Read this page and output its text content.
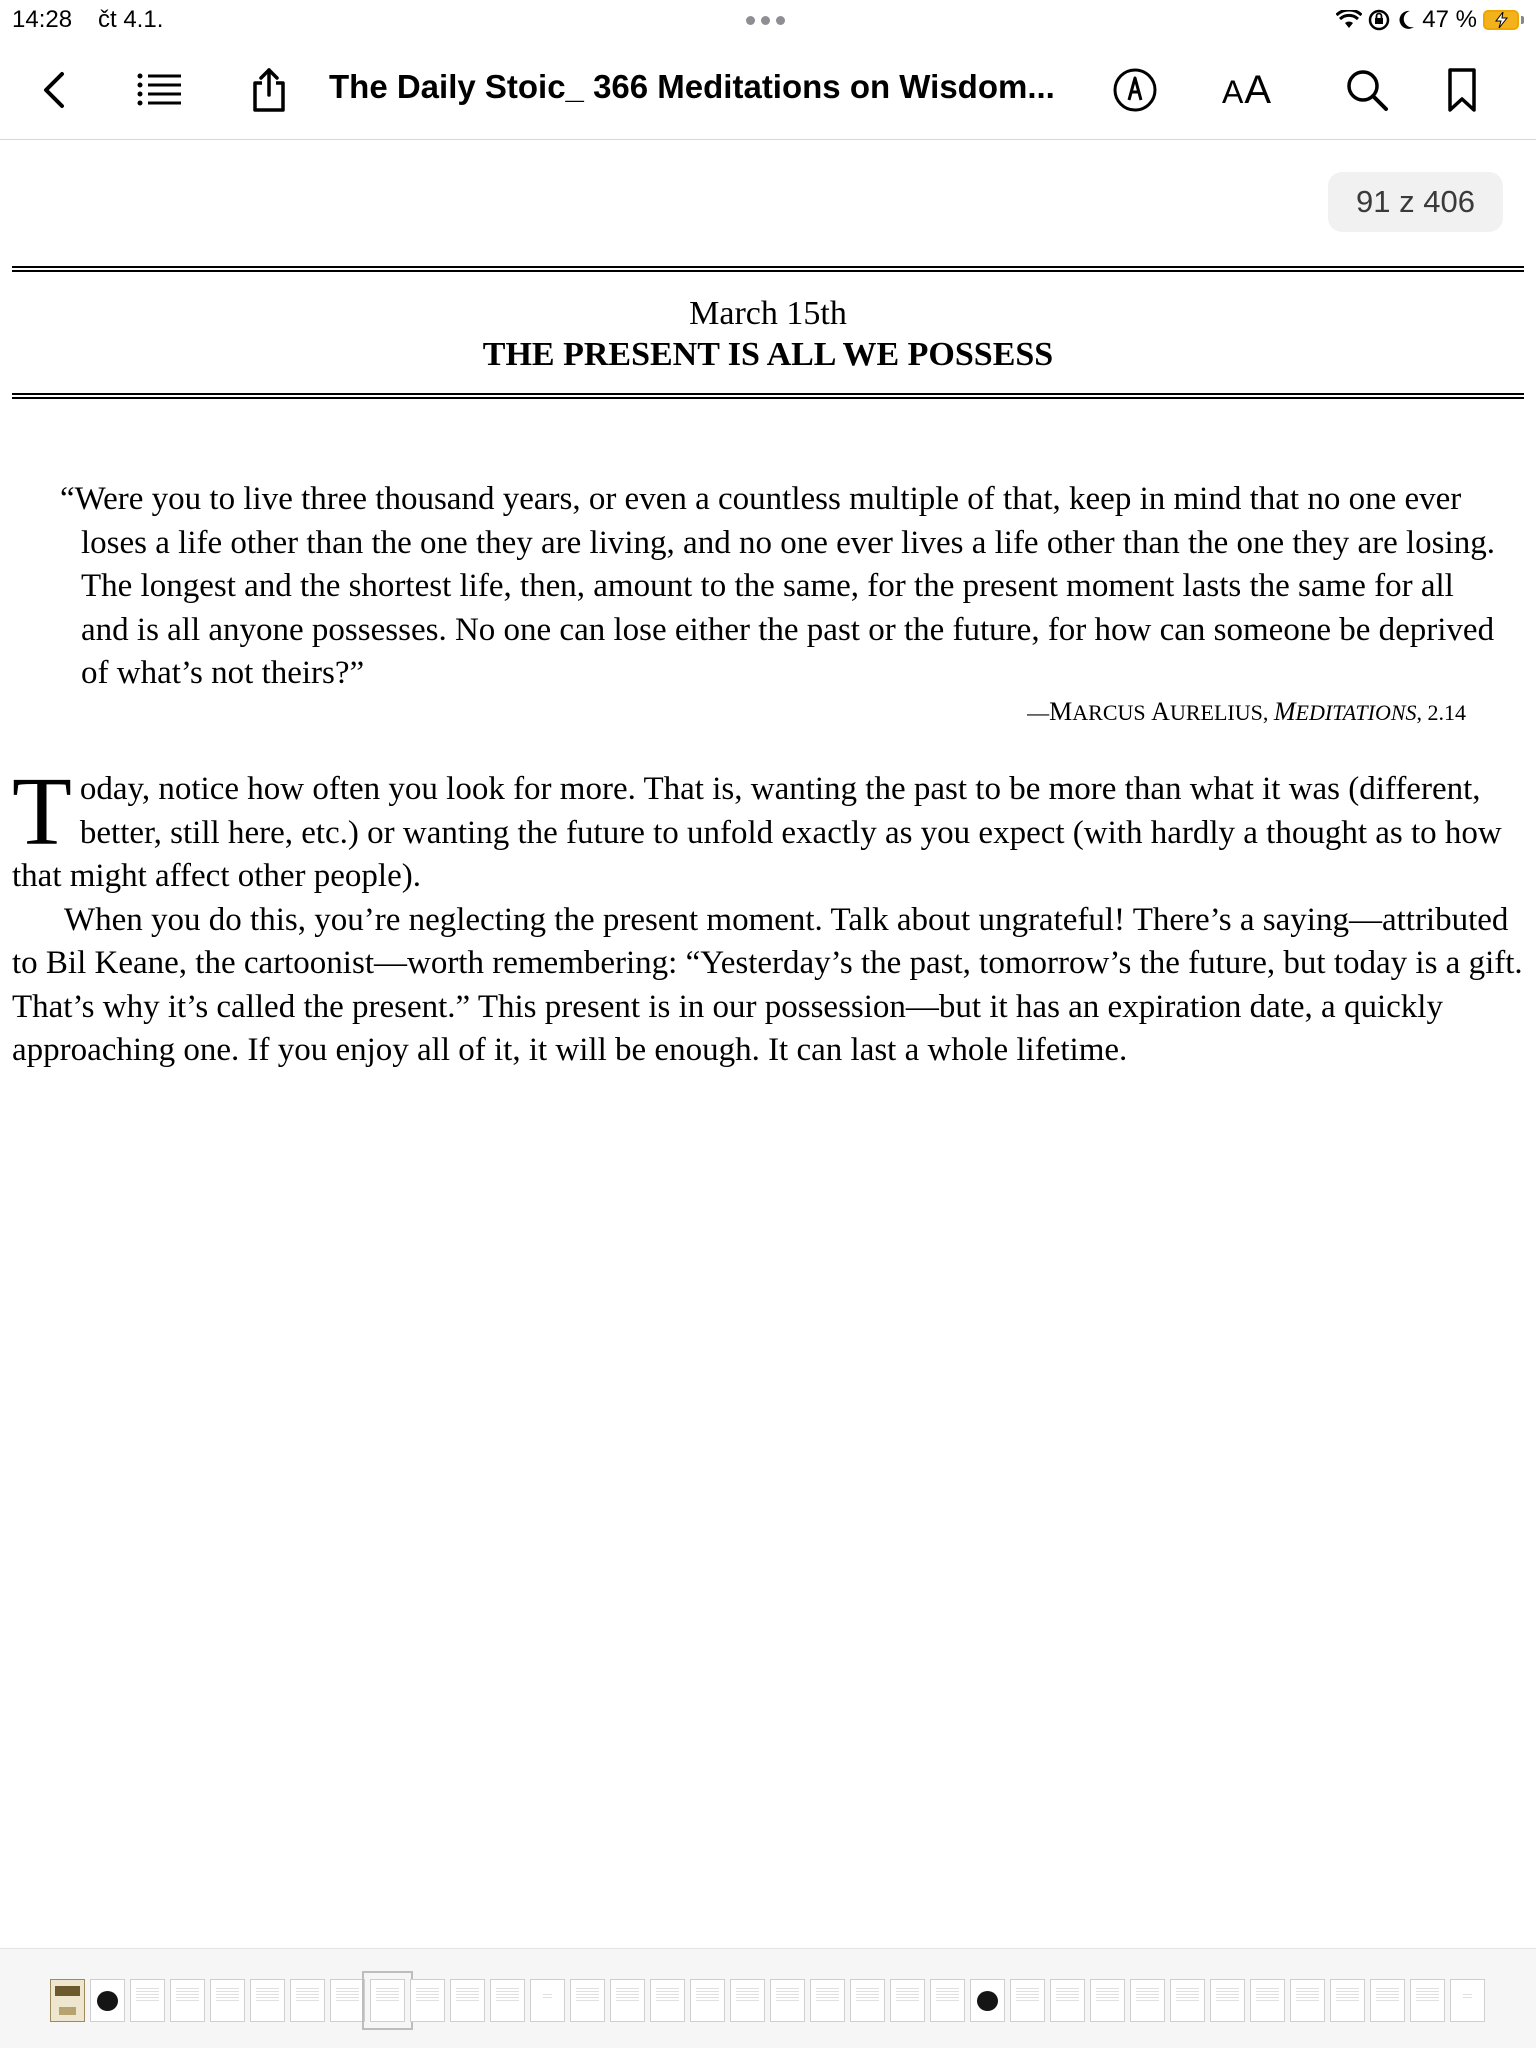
14:28 čt 4.1.	47 %
The Daily Stoic_ 366 Meditations on Wisdom...	AA
91 z 406
March 15th
THE PRESENT IS ALL WE POSSESS
“Were you to live three thousand years, or even a countless multiple of that, keep in mind that no one ever loses a life other than the one they are living, and no one ever lives a life other than the one they are losing. The longest and the shortest life, then, amount to the same, for the present moment lasts the same for all and is all anyone possesses. No one can lose either the past or the future, for how can someone be deprived of what’s not theirs?”
—MARCUS AURELIUS, MEDITATIONS, 2.14

Today, notice how often you look for more. That is, wanting the past to be more than what it was (different, better, still here, etc.) or wanting the future to unfold exactly as you expect (with hardly a thought as to how that might affect other people).

When you do this, you’re neglecting the present moment. Talk about ungrateful! There’s a saying—attributed to Bil Keane, the cartoonist—worth remembering: “Yesterday’s the past, tomorrow’s the future, but today is a gift. That’s why it’s called the present.” This present is in our possession—but it has an expiration date, a quickly approaching one. If you enjoy all of it, it will be enough. It can last a whole lifetime.
